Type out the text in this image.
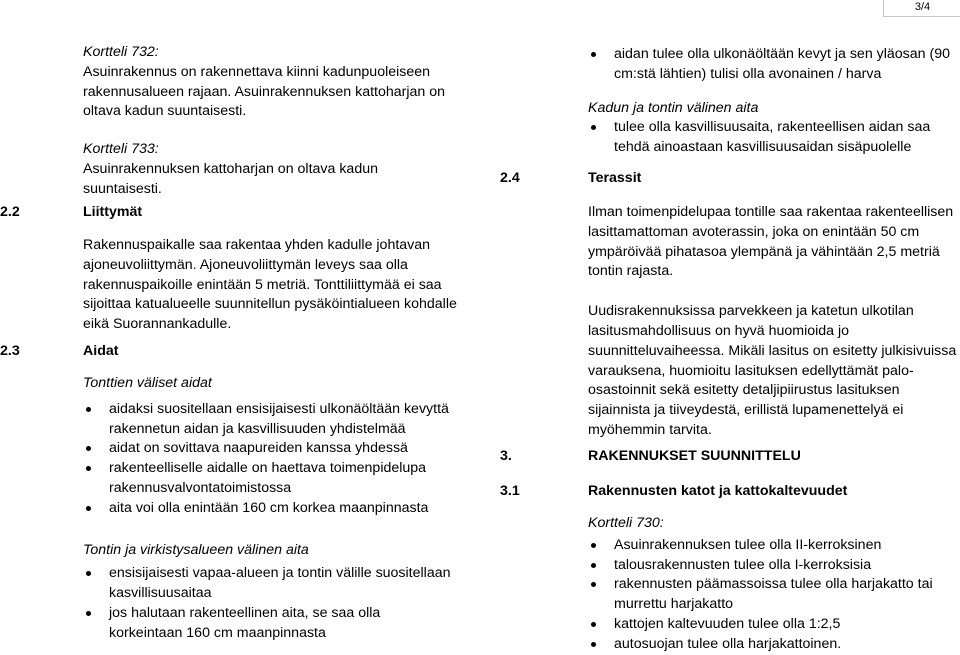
3/4

Kortteli 732:

Asuinrakennus on rakennettava kiinni kadunpuoleiseen rakennusalueen rajaan. Asuinrakennuksen kattoharjan on oltava kadun suuntaisesti.

Kortteli 733:

Asuinrakennuksen kattoharjan on oltava kadun suuntaisesti.

2.2	Liittymät

Rakennuspaikalle saa rakentaa yhden kadulle johtavan ajoneuvoliittymän. Ajoneuvoliittymän leveys saa olla rakennuspaikoille enintään 5 metriä. Tonttiliittymää ei saa sijoittaa katualueelle suunnitellun pysäköintialueen kohdalle eikä Suorannankadulle.

2.3	Aidat

Tonttien väliset aidat

aidaksi suositellaan ensisijaisesti ulkonäöltään kevyttä rakennetun aidan ja kasvillisuuden yhdistelmää
aidat on sovittava naapureiden kanssa yhdessä
rakenteelliselle aidalle on haettava toimenpidelupa rakennusvalvontatoimistossa
aita voi olla enintään 160 cm korkea maanpinnasta

Tontin ja virkistysalueen välinen aita

ensisijaisesti vapaa-alueen ja tontin välille suositellaan kasvillisuusaitaa
jos halutaan rakenteellinen aita, se saa olla korkeintaan 160 cm maanpinnasta
aidan tulee olla ulkonäöltään kevyt ja sen yläosan (90 cm:stä lähtien) tulisi olla avonainen / harva

Kadun ja tontin välinen aita

tulee olla kasvillisuusaita, rakenteellisen aidan saa tehdä ainoastaan kasvillisuusaidan sisäpuolelle
2.4	Terassit

Ilman toimenpidelupaa tontille saa rakentaa rakenteellisen lasittamattoman avoterassin, joka on enintään 50 cm ympäröivää pihatasoa ylempänä ja vähintään 2,5 metriä tontin rajasta.

Uudisrakennuksissa parvekkeen ja katetun ulkotilan lasitusmahdollisuus on hyvä huomioida jo suunnitteluvaiheessa. Mikäli lasitus on esitetty julkisivuissa varauksena, huomioitu lasituksen edellyttämät palo-osastoinnit sekä esitetty detaljipiirustus lasituksen sijainnista ja tiiveydestä, erillistä lupamenettelyä ei myöhemmin tarvita.

3.	RAKENNUKSET SUUNNITTELU
3.1	Rakennusten katot ja kattokaltevuudet

Kortteli 730:

Asuinrakennuksen tulee olla II-kerroksinen
talousrakennusten tulee olla I-kerroksisia
rakennusten päämassoissa tulee olla harjakatto tai murrettu harjakatto
kattojen kaltevuuden tulee olla 1:2,5
autosuojan tulee olla harjakattoinen.
